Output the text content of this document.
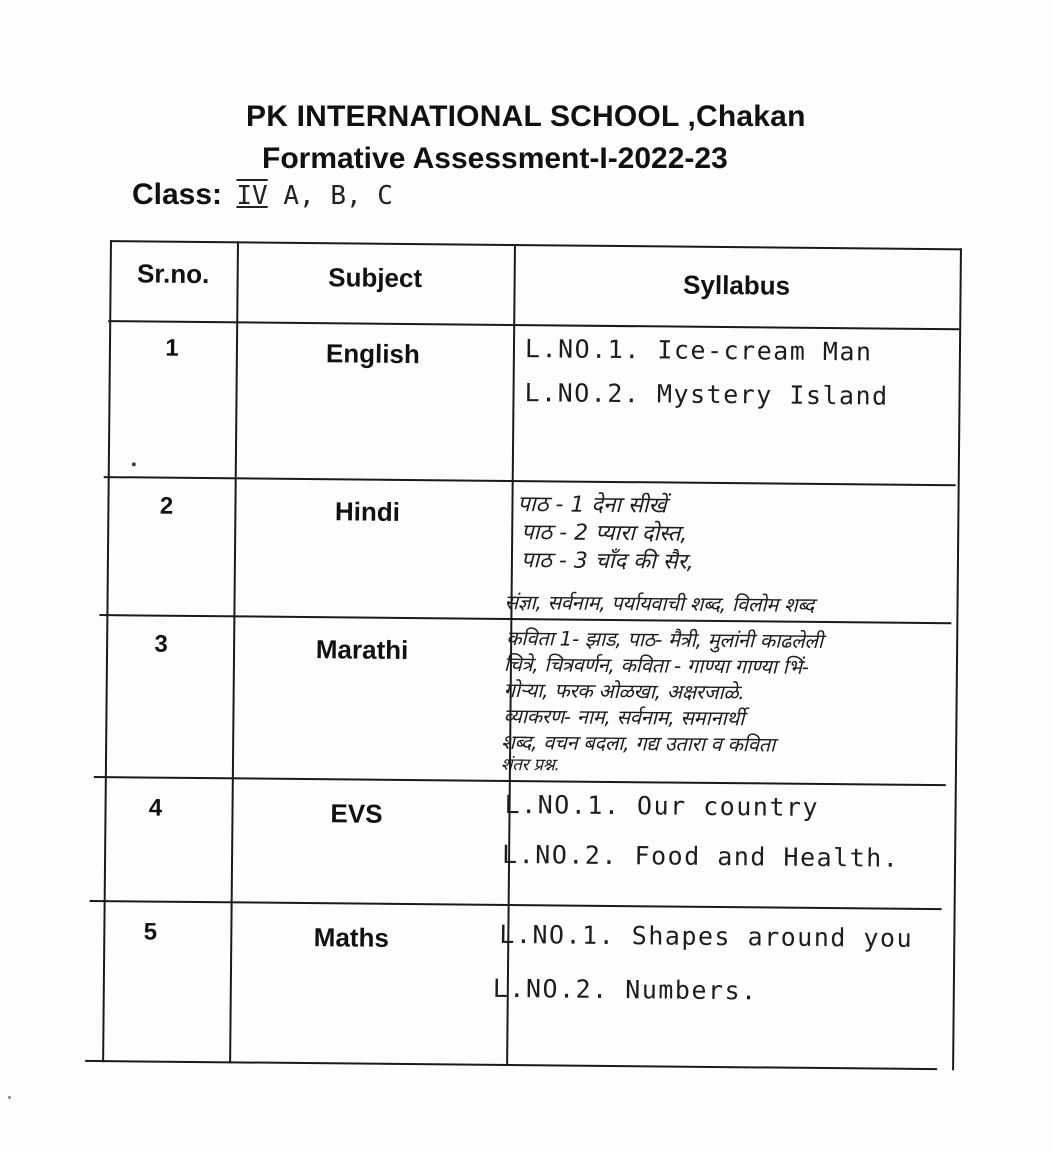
PK INTERNATIONAL SCHOOL ,Chakan
Formative Assessment-I-2022-23
Class: IV A, B, C
Sr.no.	Subject	Syllabus
1	English	L.NO.1. Ice-cream Man
L.NO.2. Mystery Island
2	Hindi	पाठ - 1 देना सीखें
पाठ - 2 प्यारा दोस्त,
पाठ - 3 चाँद की सैर,
संज्ञा, सर्वनाम, पर्यायवाची शब्द, विलोम शब्द
3	Marathi	कविता 1- झाड, पाठ- मैत्री, मुलांनी काढलेली
चित्रे, चित्रवर्णन, कविता - गाण्या गाण्या भिं-
गोऱ्या, फरक ओळखा, अक्षरजाळे.
व्याकरण- नाम, सर्वनाम, समानार्थी
शब्द, वचन बदला, गद्य उतारा व कविता
शंतर प्रश्न.
4	EVS	L.NO.1. Our country
L.NO.2. Food and Health.
5	Maths	L.NO.1. Shapes around you
L.NO.2. Numbers.
